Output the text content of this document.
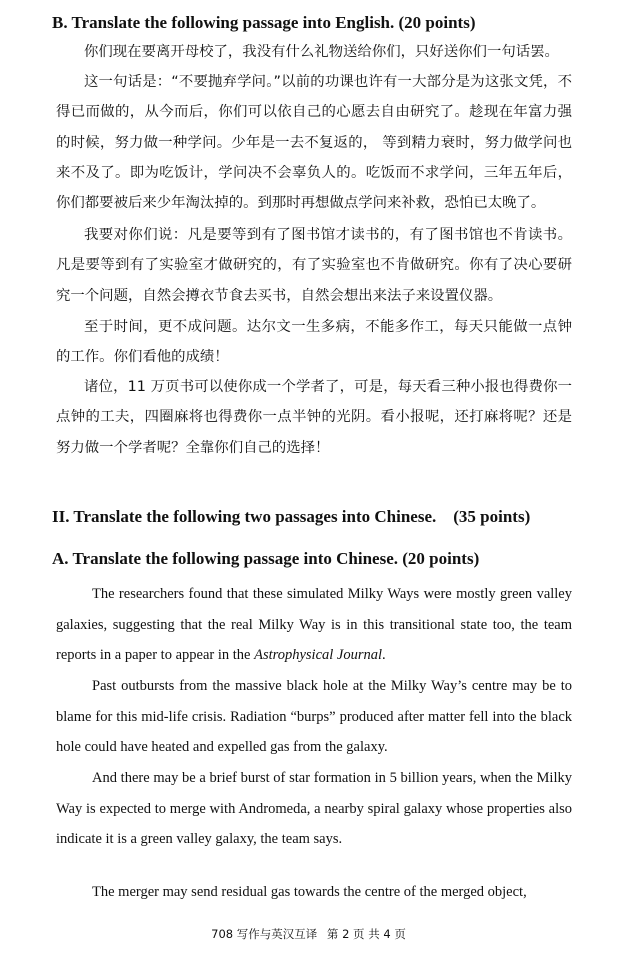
B. Translate the following passage into English. (20 points)

你们现在要离开母校了，我没有什么礼物送给你们，只好送你们一句话罢。

这一句话是：“不要抛弃学问。”以前的功课也许有一大部分是为这张文凭，不得已而做的，从今而后，你们可以依自己的心愿去自由研究了。趁现在年富力强的时候，努力做一种学问。少年是一去不复返的， 等到精力衰时，努力做学问也来不及了。即为吃饭计，学问决不会辜负人的。吃饭而不求学问，三年五年后，你们都要被后来少年淘汰掉的。到那时再想做点学问来补救，恐怕已太晚了。

我要对你们说：凡是要等到有了图书馆才读书的，有了图书馆也不肯读书。凡是要等到有了实验室才做研究的，有了实验室也不肯做研究。你有了决心要研究一个问题，自然会撙衣节食去买书，自然会想出来法子来设置仪器。

至于时间，更不成问题。达尔文一生多病，不能多作工，每天只能做一点钟的工作。你们看他的成绩！

诸位，11 万页书可以使你成一个学者了，可是，每天看三种小报也得费你一点钟的工夫，四圈麻将也得费你一点半钟的光阴。看小报呢，还打麻将呢？还是努力做一个学者呢？全靠你们自己的选择！

II. Translate the following two passages into Chinese.    (35 points)
A. Translate the following passage into Chinese. (20 points)

The researchers found that these simulated Milky Ways were mostly green valley galaxies, suggesting that the real Milky Way is in this transitional state too, the team reports in a paper to appear in the Astrophysical Journal.

Past outbursts from the massive black hole at the Milky Way’s centre may be to blame for this mid-life crisis. Radiation “burps” produced after matter fell into the black hole could have heated and expelled gas from the galaxy.

And there may be a brief burst of star formation in 5 billion years, when the Milky Way is expected to merge with Andromeda, a nearby spiral galaxy whose properties also indicate it is a green valley galaxy, the team says.

The merger may send residual gas towards the centre of the merged object,

708 写作与英汉互译 第 2 页 共 4 页
